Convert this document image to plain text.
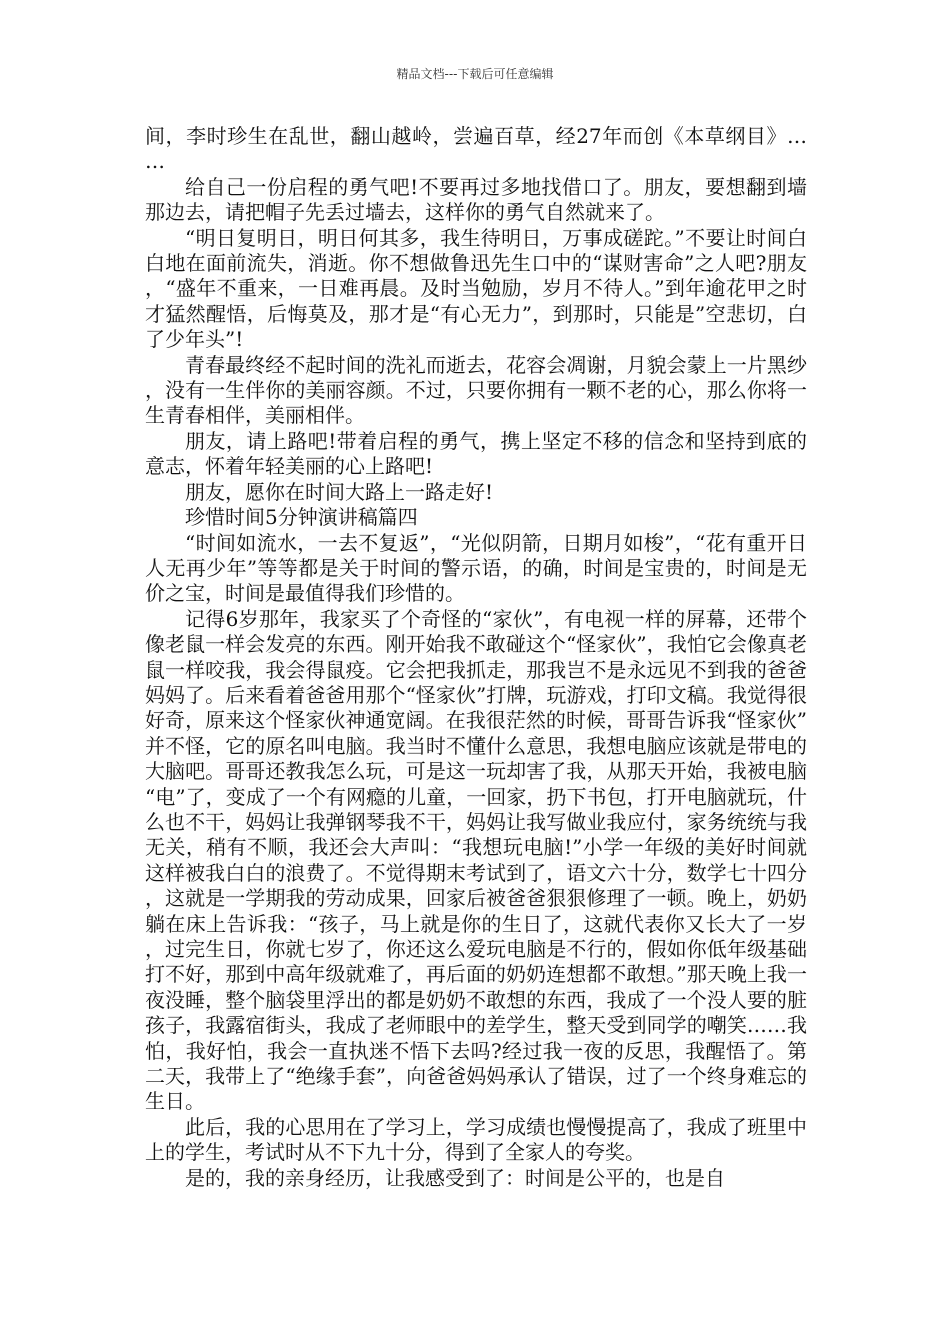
精品文档---下载后可任意编辑

间，李时珍生在乱世，翻山越岭，尝遍百草，经27年而创《本草纲目》……

给自己一份启程的勇气吧!不要再过多地找借口了。朋友，要想翻到墙那边去，请把帽子先丢过墙去，这样你的勇气自然就来了。

“明日复明日，明日何其多，我生待明日，万事成磋跎。”不要让时间白白地在面前流失，消逝。你不想做鲁迅先生口中的“谋财害命”之人吧?朋友，“盛年不重来，一日难再晨。及时当勉励，岁月不待人。”到年逾花甲之时才猛然醒悟，后悔莫及，那才是“有心无力”，到那时，只能是”空悲切，白了少年头”!

青春最终经不起时间的洗礼而逝去，花容会凋谢，月貌会蒙上一片黑纱，没有一生伴你的美丽容颜。不过，只要你拥有一颗不老的心，那么你将一生青春相伴，美丽相伴。

朋友，请上路吧!带着启程的勇气，携上坚定不移的信念和坚持到底的意志，怀着年轻美丽的心上路吧!

朋友，愿你在时间大路上一路走好!

珍惜时间5分钟演讲稿篇四

“时间如流水，一去不复返”，“光似阴箭，日期月如梭”，“花有重开日人无再少年”等等都是关于时间的警示语，的确，时间是宝贵的，时间是无价之宝，时间是最值得我们珍惜的。

记得6岁那年，我家买了个奇怪的“家伙”，有电视一样的屏幕，还带个像老鼠一样会发亮的东西。刚开始我不敢碰这个“怪家伙”，我怕它会像真老鼠一样咬我，我会得鼠疫。它会把我抓走，那我岂不是永远见不到我的爸爸妈妈了。后来看着爸爸用那个“怪家伙”打牌，玩游戏，打印文稿。我觉得很好奇，原来这个怪家伙神通宽阔。在我很茫然的时候，哥哥告诉我“怪家伙”并不怪，它的原名叫电脑。我当时不懂什么意思，我想电脑应该就是带电的大脑吧。哥哥还教我怎么玩，可是这一玩却害了我，从那天开始，我被电脑“电”了，变成了一个有网瘾的儿童，一回家，扔下书包，打开电脑就玩，什么也不干，妈妈让我弹钢琴我不干，妈妈让我写做业我应付，家务统统与我无关，稍有不顺，我还会大声叫：“我想玩电脑!”小学一年级的美好时间就这样被我白白的浪费了。不觉得期末考试到了，语文六十分，数学七十四分，这就是一学期我的劳动成果，回家后被爸爸狠狠修理了一顿。晚上，奶奶躺在床上告诉我：“孩子，马上就是你的生日了，这就代表你又长大了一岁，过完生日，你就七岁了，你还这么爱玩电脑是不行的，假如你低年级基础打不好，那到中高年级就难了，再后面的奶奶连想都不敢想。”那天晚上我一夜没睡，整个脑袋里浮出的都是奶奶不敢想的东西，我成了一个没人要的脏孩子，我露宿街头，我成了老师眼中的差学生，整天受到同学的嘲笑……我怕，我好怕，我会一直执迷不悟下去吗?经过我一夜的反思，我醒悟了。第二天，我带上了“绝缘手套”，向爸爸妈妈承认了错误，过了一个终身难忘的生日。

此后，我的心思用在了学习上，学习成绩也慢慢提高了，我成了班里中上的学生，考试时从不下九十分，得到了全家人的夸奖。

是的，我的亲身经历，让我感受到了：时间是公平的，也是自
